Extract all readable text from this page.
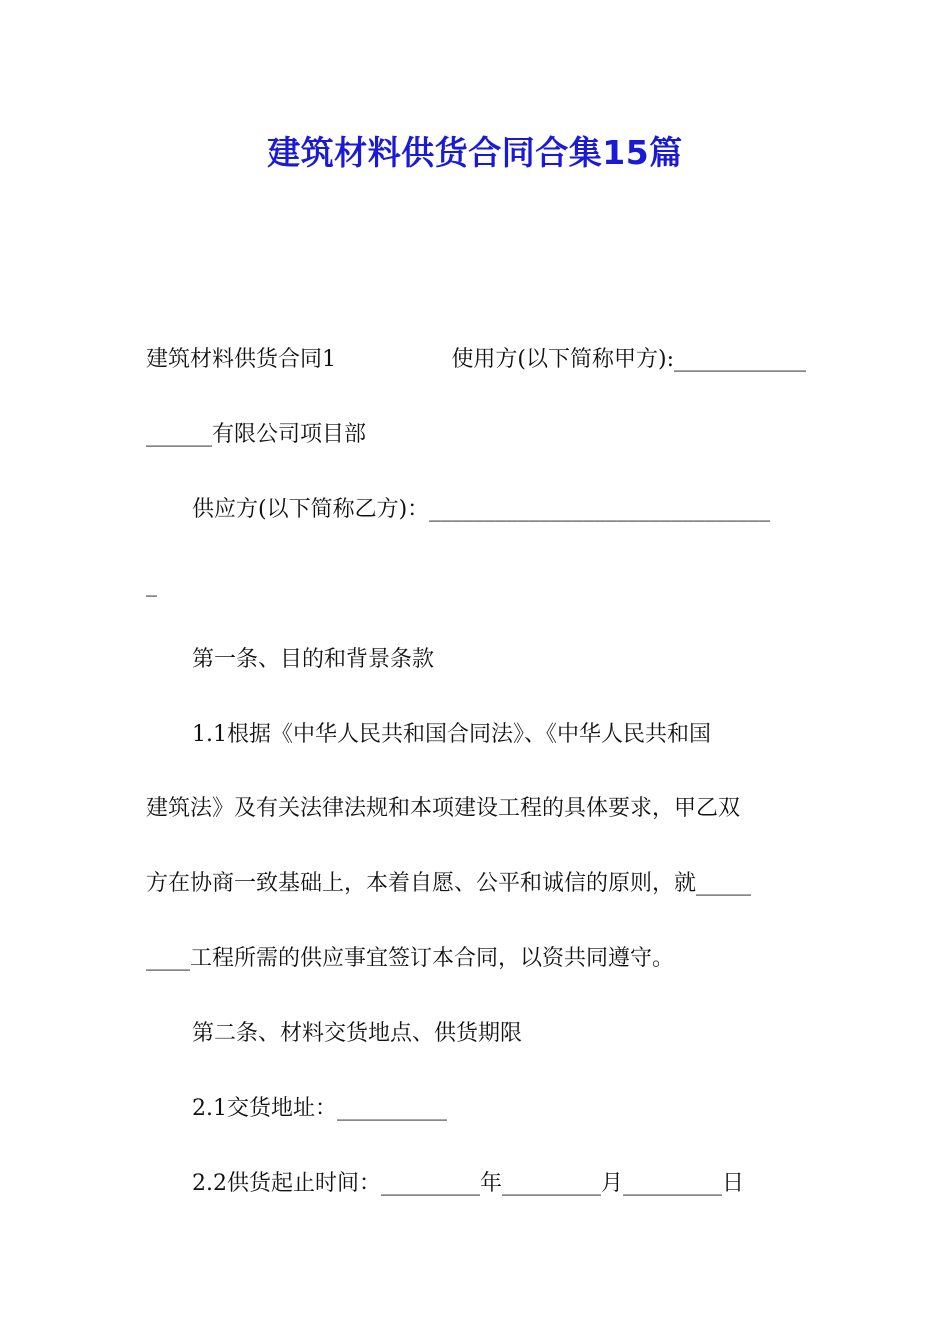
建筑材料供货合同合集15篇
建筑材料供货合同1	使用方(以下简称甲方):____________
______有限公司项目部
供应方(以下简称乙方)：_______________________________
_
第一条、目的和背景条款
1.1根据《中华人民共和国合同法》、《中华人民共和国
建筑法》及有关法律法规和本项建设工程的具体要求，甲乙双
方在协商一致基础上，本着自愿、公平和诚信的原则，就_____
____工程所需的供应事宜签订本合同，以资共同遵守。
第二条、材料交货地点、供货期限
2.1交货地址：__________
2.2供货起止时间：_________年_________月_________日
